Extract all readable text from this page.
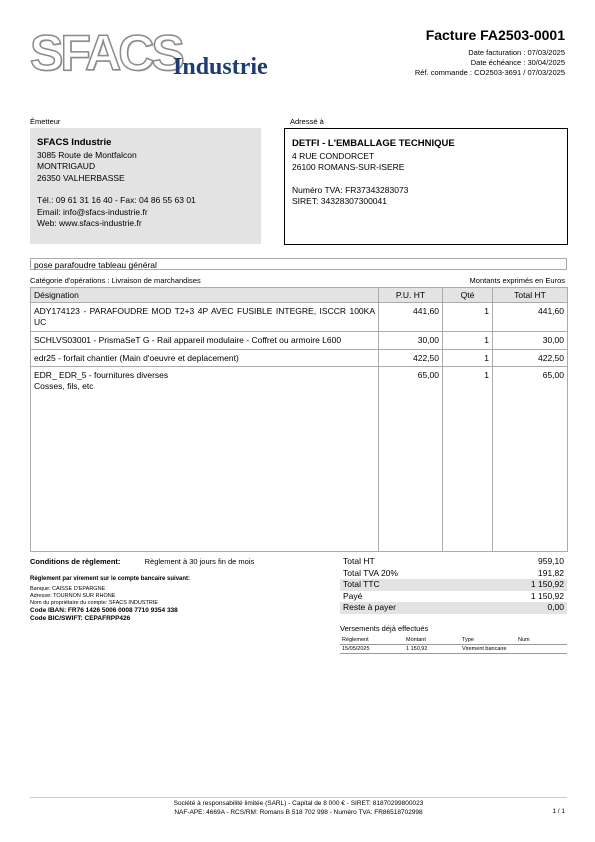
SFACS
Industrie
Facture FA2503-0001
Date facturation : 07/03/2025
Date échéance : 30/04/2025
Réf. commande : CO2503-3691 / 07/03/2025
Émetteur
SFACS Industrie
3085 Route de Montfalcon
MONTRIGAUD
26350 VALHERBASSE
Tél.: 09 61 31 16 40 - Fax: 04 86 55 63 01
Email: info@sfacs-industrie.fr
Web: www.sfacs-industrie.fr
Adressé à
DETFI - L'EMBALLAGE TECHNIQUE
4 RUE CONDORCET
26100 ROMANS-SUR-ISERE
Numéro TVA: FR37343283073
SIRET: 34328307300041
pose parafoudre tableau général
Catégorie d'opérations : Livraison de marchandises	Montants exprimés en Euros
Désignation	P.U. HT	Qté	Total HT
ADY174123 - PARAFOUDRE MOD T2+3 4P AVEC FUSIBLE INTEGRE, ISCCR 100KA UC	441,60	1	441,60
SCHLVS03001 - PrismaSeT G - Rail appareil modulaire - Coffret ou armoire L600	30,00	1	30,00
edr25 - forfait chantier (Main d'oeuvre et deplacement)	422,50	1	422,50

EDR_ EDR_5 - fournitures diverses
Cosses, fils, etc	65,00	1	65,00
Conditions de règlement:	Règlement à 30 jours fin de mois
Règlement par virement sur le compte bancaire suivant:
Banque: CAISSE D'EPARGNE
Adresse: TOURNON SUR RHONE
Nom du propriétaire du compte: SFACS INDUSTRIE
Code IBAN: FR76 1426 5006 0008 7710 9354 338
Code BIC/SWIFT: CEPAFRPP426
Total HT	959,10
Total TVA 20%	191,82
Total TTC	1 150,92
Payé	1 150,92
Reste à payer	0,00
Versements déjà effectués
Règlement	Montant	Type	Num
15/05/2025	1 150,92	Virement bancaire	
Société à responsabilité limitée (SARL) - Capital de 8 000 € - SIRET: 81870299800023
NAF-APE: 4669A - RCS/RM: Romans B 518 702 998 - Numéro TVA: FR86518702998	1 / 1
